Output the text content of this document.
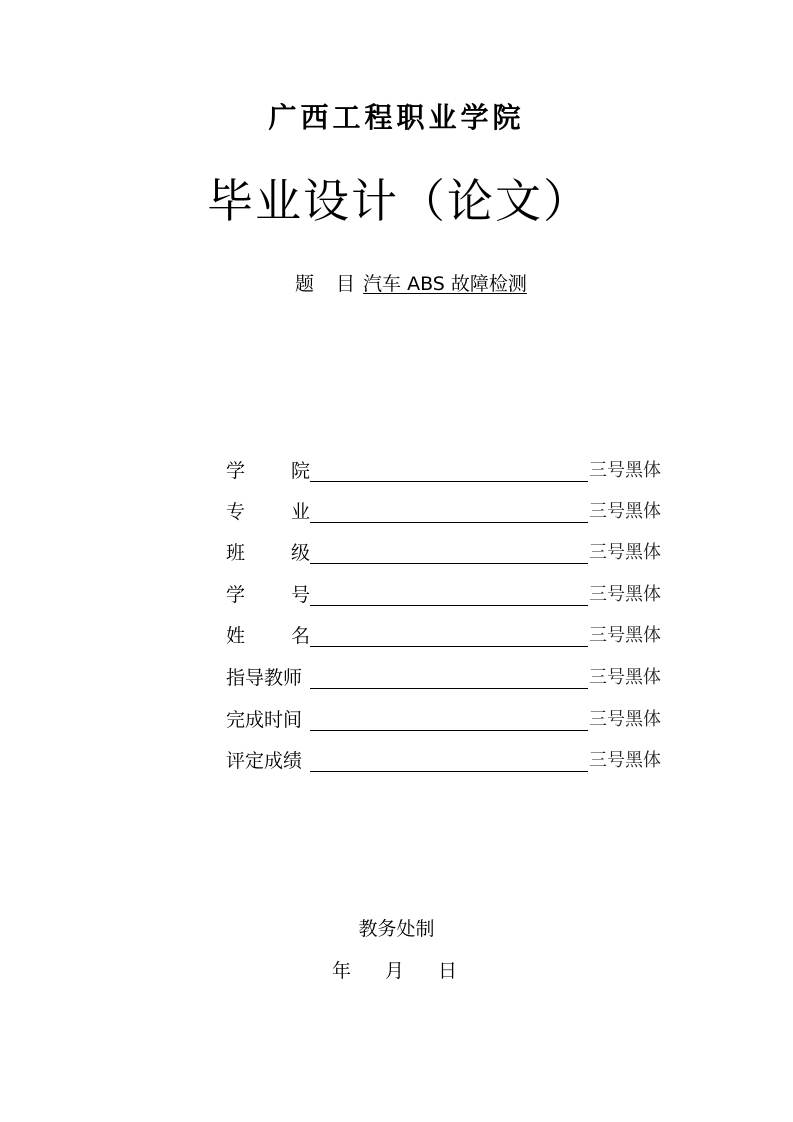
广西工程职业学院
毕业设计（论文）
题 目汽车 ABS 故障检测
学 院	三号黑体
专 业	三号黑体
班 级	三号黑体
学 号	三号黑体
姓 名	三号黑体
指导教师	三号黑体
完成时间	三号黑体
评定成绩	三号黑体
教务处制
年 月 日
